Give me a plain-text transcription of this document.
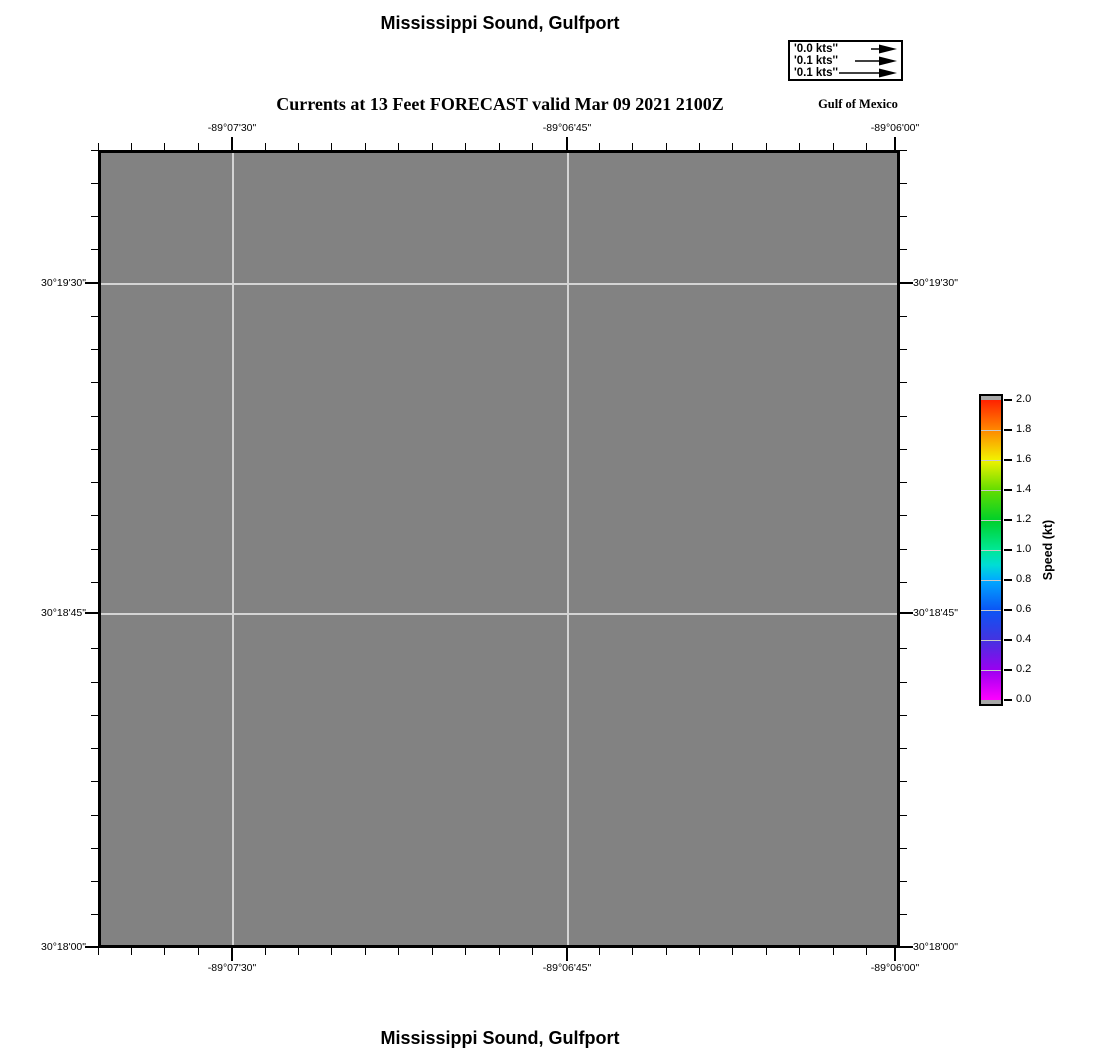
Mississippi Sound, Gulfport
'0.0 kts''
'0.1 kts''
'0.1 kts''
Currents at 13 Feet FORECAST valid Mar 09 2021 2100Z	Gulf of Mexico
Speed (kt)
Mississippi Sound, Gulfport
-89°07'30"
-89°07'30"
-89°06'45"
-89°06'45"
-89°06'00"
-89°06'00"
30°19'30"	30°19'30"
30°18'45"	30°18'45"
30°18'00"	30°18'00"
2.0
1.8
1.6
1.4
1.2
1.0
0.8
0.6
0.4
0.2
0.0
